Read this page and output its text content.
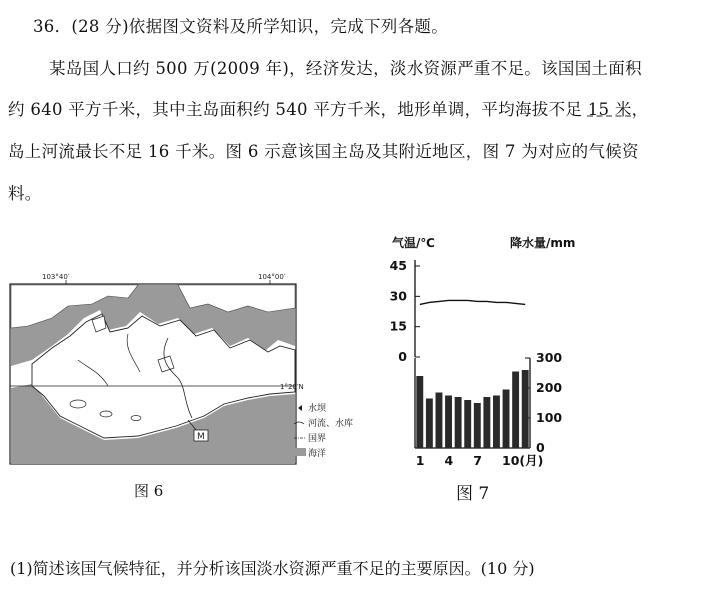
36．(28 分)依据图文资料及所学知识，完成下列各题。
某岛国人口约 500 万(2009 年)，经济发达，淡水资源严重不足。该国国土面积
约 640 平方千米，其中主岛面积约 540 平方千米，地形单调，平均海拔不足 15 米，
岛上河流最长不足 16 千米。图 6 示意该国主岛及其附近地区，图 7 为对应的气候资
料。
103°40′	104°00′
1°20′N
M
水坝
河流、水库
国界
海洋
图 6
气温/℃	降水量/mm
45
30
15
0	300
200
100
0
1 4 7 10(月)
图 7
(1)简述该国气候特征，并分析该国淡水资源严重不足的主要原因。(10 分)
